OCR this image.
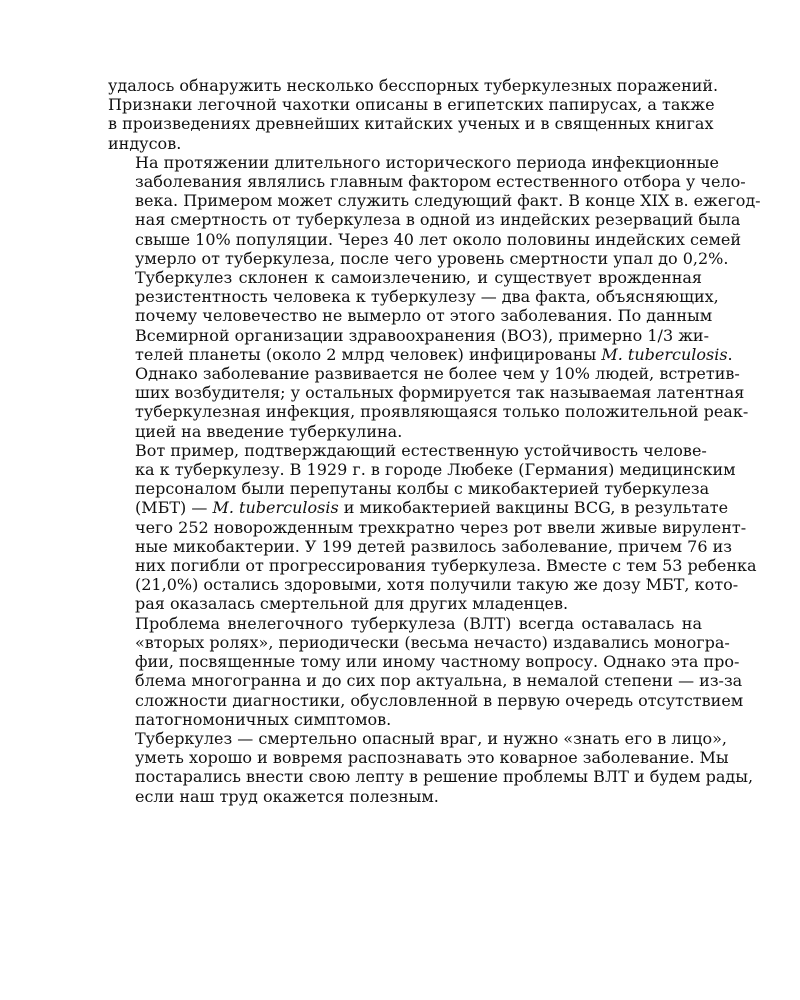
удалось обнаружить несколько бесспорных туберкулезных поражений.
Признаки легочной чахотки описаны в египетских папирусах, а также
в произведениях древнейших китайских ученых и в священных книгах
индусов.

На протяжении длительного исторического периода инфекционные
заболевания являлись главным фактором естественного отбора у чело-
века. Примером может служить следующий факт. В конце XIX в. ежегод-
ная смертность от туберкулеза в одной из индейских резерваций была
свыше 10% популяции. Через 40 лет около половины индейских семей
умерло от туберкулеза, после чего уровень смертности упал до 0,2%.

Туберкулез склонен к самоизлечению, и существует врожденная
резистентность человека к туберкулезу — два факта, объясняющих,
почему человечество не вымерло от этого заболевания. По данным
Всемирной организации здравоохранения (ВОЗ), примерно 1/3 жи-
телей планеты (около 2 млрд человек) инфицированы M. tuberculosis.
Однако заболевание развивается не более чем у 10% людей, встретив-
ших возбудителя; у остальных формируется так называемая латентная
туберкулезная инфекция, проявляющаяся только положительной реак-
цией на введение туберкулина.

Вот пример, подтверждающий естественную устойчивость челове-
ка к туберкулезу. В 1929 г. в городе Любеке (Германия) медицинским
персоналом были перепутаны колбы с микобактерией туберкулеза
(МБТ) — M. tuberculosis и микобактерией вакцины BCG, в результате
чего 252 новорожденным трехкратно через рот ввели живые вирулент-
ные микобактерии. У 199 детей развилось заболевание, причем 76 из
них погибли от прогрессирования туберкулеза. Вместе с тем 53 ребенка
(21,0%) остались здоровыми, хотя получили такую же дозу МБТ, кото-
рая оказалась смертельной для других младенцев.

Проблема внелегочного туберкулеза (ВЛТ) всегда оставалась на
«вторых ролях», периодически (весьма нечасто) издавались моногра-
фии, посвященные тому или иному частному вопросу. Однако эта про-
блема многогранна и до сих пор актуальна, в немалой степени — из-за
сложности диагностики, обусловленной в первую очередь отсутствием
патогномоничных симптомов.

Туберкулез — смертельно опасный враг, и нужно «знать его в лицо»,
уметь хорошо и вовремя распознавать это коварное заболевание. Мы
постарались внести свою лепту в решение проблемы ВЛТ и будем рады,
если наш труд окажется полезным.
